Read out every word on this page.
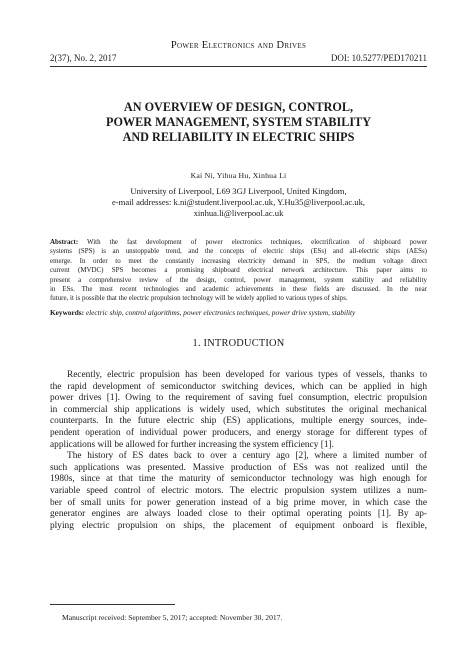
Power Electronics and Drives
2(37), No. 2, 2017	DOI: 10.5277/PED170211
AN OVERVIEW OF DESIGN, CONTROL,
POWER MANAGEMENT, SYSTEM STABILITY
AND RELIABILITY IN ELECTRIC SHIPS
Kai Ni, Yihua Hu, Xinhua Li
University of Liverpool, L69 3GJ Liverpool, United Kingdom,
e-mail addresses: k.ni@student.liverpool.ac.uk, Y.Hu35@liverpool.ac.uk,
xinhua.li@liverpool.ac.uk
Abstract: With the fast development of power electronics techniques, electrification of shipboard power
systems (SPS) is an unstoppable trend, and the concepts of electric ships (ESs) and all-electric ships (AESs)
emerge. In order to meet the constantly increasing electricity demand in SPS, the medium voltage direct
current (MVDC) SPS becomes a promising shipboard electrical network architecture. This paper aims to
present a comprehensive review of the design, control, power management, system stability and reliability
in ESs. The most recent technologies and academic achievements in these fields are discussed. In the near
future, it is possible that the electric propulsion technology will be widely applied to various types of ships.
Keywords: electric ship, control algorithms, power electronics techniques, power drive system, stability
1. INTRODUCTION
Recently, electric propulsion has been developed for various types of vessels, thanks to
the rapid development of semiconductor switching devices, which can be applied in high
power drives [1]. Owing to the requirement of saving fuel consumption, electric propulsion
in commercial ship applications is widely used, which substitutes the original mechanical
counterparts. In the future electric ship (ES) applications, multiple energy sources, inde-
pendent operation of individual power producers, and energy storage for different types of
applications will be allowed for further increasing the system efficiency [1].
The history of ES dates back to over a century ago [2], where a limited number of
such applications was presented. Massive production of ESs was not realized until the
1980s, since at that time the maturity of semiconductor technology was high enough for
variable speed control of electric motors. The electric propulsion system utilizes a num-
ber of small units for power generation instead of a big prime mover, in which case the
generator engines are always loaded close to their optimal operating points [1]. By ap-
plying electric propulsion on ships, the placement of equipment onboard is flexible,
Manuscript received: September 5, 2017; accepted: November 30, 2017.
